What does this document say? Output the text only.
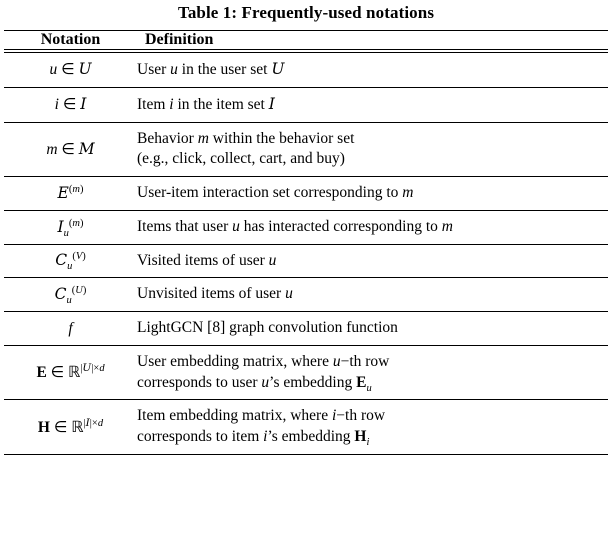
Table 1: Frequently-used notations
Notation	Definition

u ∈ U	User u in the user set U
i ∈ I	Item i in the item set I
m ∈ M	Behavior m within the behavior set
(e.g., click, collect, cart, and buy)
$E^{(m)}$	User-item interaction set corresponding to m
$I_u^{(m)}$	Items that user u has interacted corresponding to m
$C_u^{(V)}$	Visited items of user u
$C_u^{(U)}$	Unvisited items of user u
f	LightGCN [8] graph convolution function
E ∈ ℝ$^{|U|\times d}$	User embedding matrix, where u−th row
corresponds to user u’s embedding $E_u$
H ∈ ℝ$^{|I|\times d}$	Item embedding matrix, where i−th row
corresponds to item i’s embedding $H_i$
